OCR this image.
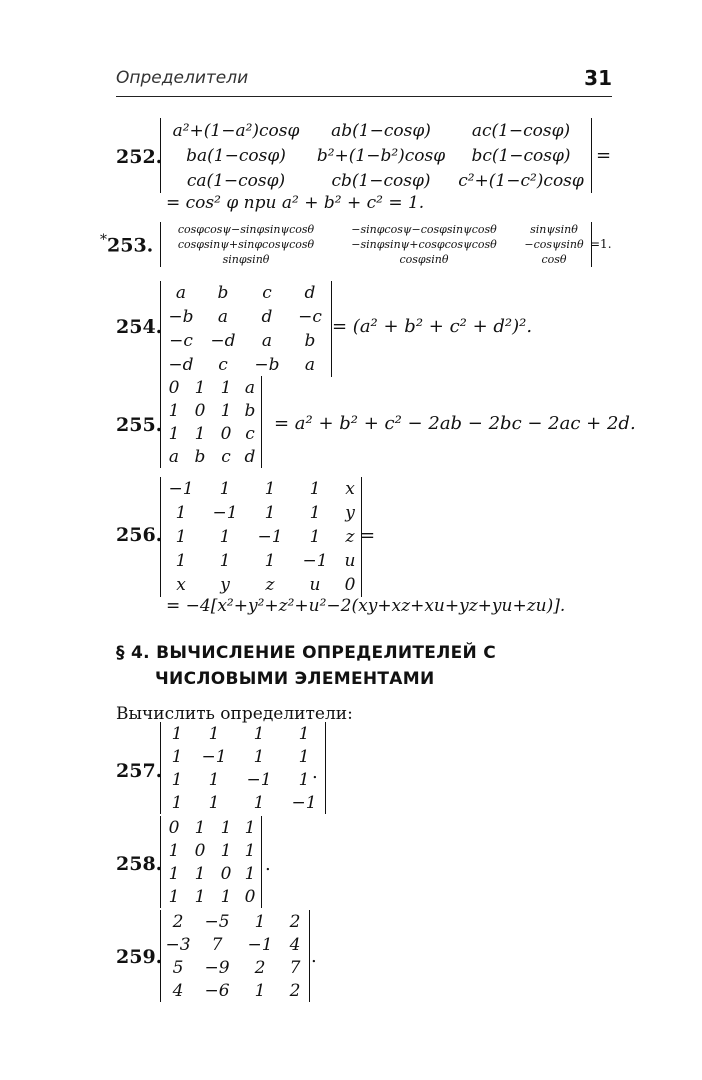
Определители	31
252.
a²+(1−a²)cosφ	ab(1−cosφ)	ac(1−cosφ)
ba(1−cosφ)	b²+(1−b²)cosφ	bc(1−cosφ)
ca(1−cosφ)	cb(1−cosφ)	c²+(1−c²)cosφ
=
= cos² φ при a² + b² + c² = 1.
*253.
cosφcosψ−sinφsinψcosθ	−sinφcosψ−cosφsinψcosθ	sinψsinθ
cosφsinψ+sinφcosψcosθ	−sinφsinψ+cosφcosψcosθ	−cosψsinθ
sinφsinθ	cosφsinθ	cosθ
=1.
254.
a	b	c	d
−b	a	d	−c
−c	−d	a	b
−d	c	−b	a
= (a² + b² + c² + d²)².
255.
0	1	1	a
1	0	1	b
1	1	0	c
a	b	c	d
= a² + b² + c² − 2ab − 2bc − 2ac + 2d.
256.
−1	1	1	1	x
1	−1	1	1	y
1	1	−1	1	z
1	1	1	−1	u
x	y	z	u	0
=
= −4[x²+y²+z²+u²−2(xy+xz+xu+yz+yu+zu)].
§ 4. ВЫЧИСЛЕНИЕ ОПРЕДЕЛИТЕЛЕЙ С
ЧИСЛОВЫМИ ЭЛЕМЕНТАМИ
Вычислить определители:
257.
1	1	1	1
1	−1	1	1
1	1	−1	1
1	1	1	−1
.
258.
0	1	1	1
1	0	1	1
1	1	0	1
1	1	1	0
.
259.
2	−5	1	2
−3	7	−1	4
5	−9	2	7
4	−6	1	2
.
